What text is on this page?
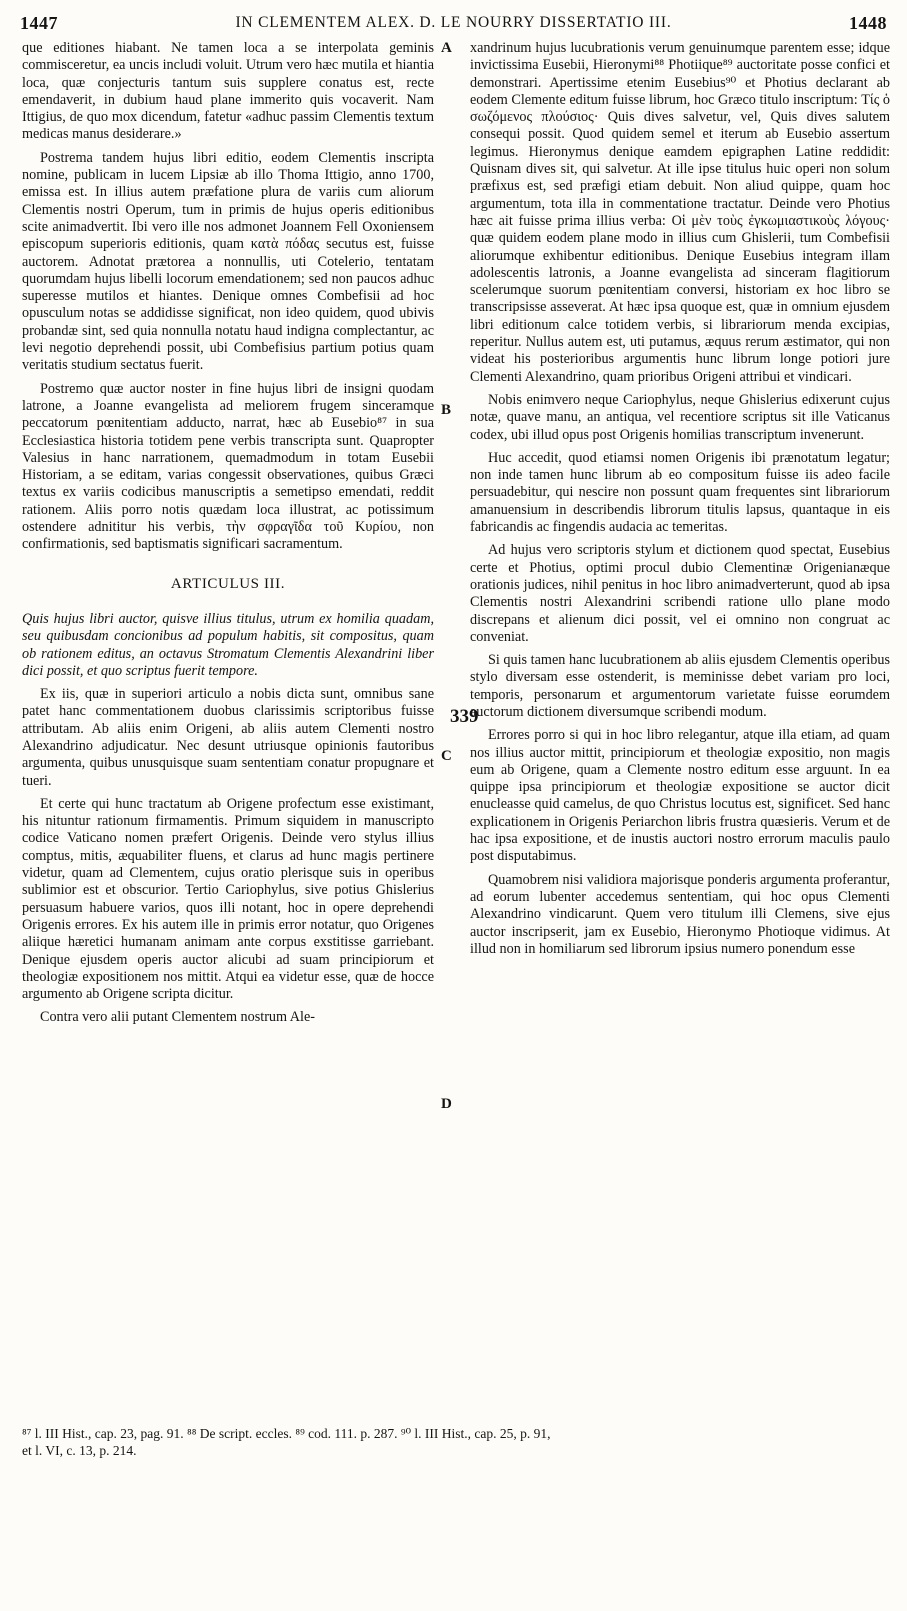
1447	IN CLEMENTEM ALEX. D. LE NOURRY DISSERTATIO III.	1448

que editiones hiabant. Ne tamen loca a se interpolata geminis commisceretur, ea uncis includi voluit. Utrum vero hæc mutila et hiantia loca, quæ conjecturis tantum suis supplere conatus est, recte emendaverit, in dubium haud plane immerito quis vocaverit. Nam Ittigius, de quo mox dicendum, fatetur «adhuc passim Clementis textum medicas manus desiderare.»

Postrema tandem hujus libri editio, eodem Clementis inscripta nomine, publicam in lucem Lipsiæ ab illo Thoma Ittigio, anno 1700, emissa est. In illius autem præfatione plura de variis cum aliorum Clementis nostri Operum, tum in primis de hujus operis editionibus scite animadvertit. Ibi vero ille nos admonet Joannem Fell Oxoniensem episcopum superioris editionis, quam κατὰ πόδας secutus est, fuisse auctorem. Adnotat prætorea a nonnullis, uti Cotelerio, tentatam quorumdam hujus libelli locorum emendationem; sed non paucos adhuc superesse mutilos et hiantes. Denique omnes Combefisii ad hoc opusculum notas se addidisse significat, non ideo quidem, quod ubivis probandæ sint, sed quia nonnulla notatu haud indigna complectantur, ac levi negotio deprehendi possit, ubi Combefisius partium potius quam veritatis studium sectatus fuerit.

Postremo quæ auctor noster in fine hujus libri de insigni quodam latrone, a Joanne evangelista ad meliorem frugem sinceramque peccatorum pœnitentiam adducto, narrat, hæc ab Eusebio⁸⁷ in sua Ecclesiastica historia totidem pene verbis transcripta sunt. Quapropter Valesius in hanc narrationem, quemadmodum in totam Eusebii Historiam, a se editam, varias congessit observationes, quibus Græci textus ex variis codicibus manuscriptis a semetipso emendati, reddit rationem. Aliis porro notis quædam loca illustrat, ac potissimum ostendere adnititur his verbis, τὴν σφραγῖδα τοῦ Κυρίου, non confirmationis, sed baptismatis significari sacramentum.

ARTICULUS III.

Quis hujus libri auctor, quisve illius titulus, utrum ex homilia quadam, seu quibusdam concionibus ad populum habitis, sit compositus, quam ob rationem editus, an octavus Stromatum Clementis Alexandrini liber dici possit, et quo scriptus fuerit tempore.

Ex iis, quæ in superiori articulo a nobis dicta sunt, omnibus sane patet hanc commentationem duobus clarissimis scriptoribus fuisse attributam. Ab aliis enim Origeni, ab aliis autem Clementi nostro Alexandrino adjudicatur. Nec desunt utriusque opinionis fautoribus argumenta, quibus unusquisque suam sententiam conatur propugnare et tueri.

Et certe qui hunc tractatum ab Origene profectum esse existimant, his nituntur rationum firmamentis. Primum siquidem in manuscripto codice Vaticano nomen præfert Origenis. Deinde vero stylus illius comptus, mitis, æquabiliter fluens, et clarus ad hunc magis pertinere videtur, quam ad Clementem, cujus oratio plerisque suis in operibus sublimior est et obscurior. Tertio Cariophylus, sive potius Ghislerius persuasum habuere varios, quos illi notant, hoc in opere deprehendi Origenis errores. Ex his autem ille in primis error notatur, quo Origenes aliique hæretici humanam animam ante corpus exstitisse garriebant. Denique ejusdem operis auctor alicubi ad suam principiorum et theologiæ expositionem nos mittit. Atqui ea videtur esse, quæ de hocce argumento ab Origene scripta dicitur.

Contra vero alii putant Clementem nostrum Ale-

xandrinum hujus lucubrationis verum genuinumque parentem esse; idque invictissima Eusebii, Hieronymi⁸⁸ Photiique⁸⁹ auctoritate posse confici et demonstrari. Apertissime etenim Eusebius⁹⁰ et Photius declarant ab eodem Clemente editum fuisse librum, hoc Græco titulo inscriptum: Τίς ὁ σωζόμενος πλούσιος· Quis dives salvetur, vel, Quis dives salutem consequi possit. Quod quidem semel et iterum ab Eusebio assertum legimus. Hieronymus denique eamdem epigraphen Latine reddidit: Quisnam dives sit, qui salvetur. At ille ipse titulus huic operi non solum præfixus est, sed præfigi etiam debuit. Non aliud quippe, quam hoc argumentum, tota illa in commentatione tractatur. Deinde vero Photius hæc ait fuisse prima illius verba: Οἱ μὲν τοὺς ἐγκωμιαστικοὺς λόγους· quæ quidem eodem plane modo in illius cum Ghislerii, tum Combefisii aliorumque exhibentur editionibus. Denique Eusebius integram illam adolescentis latronis, a Joanne evangelista ad sinceram flagitiorum scelerumque suorum pœnitentiam conversi, historiam ex hoc libro se transcripsisse asseverat. At hæc ipsa quoque est, quæ in omnium ejusdem libri editionum calce totidem verbis, si librariorum menda excipias, reperitur. Nullus autem est, uti putamus, æquus rerum æstimator, qui non videat his posterioribus argumentis hunc librum longe potiori jure Clementi Alexandrino, quam prioribus Origeni attribui et vindicari.

Nobis enimvero neque Cariophylus, neque Ghislerius edixerunt cujus notæ, quave manu, an antiqua, vel recentiore scriptus sit ille Vaticanus codex, ubi illud opus post Origenis homilias transcriptum invenerunt.

Huc accedit, quod etiamsi nomen Origenis ibi prænotatum legatur; non inde tamen hunc librum ab eo compositum fuisse iis adeo facile persuadebitur, qui nescire non possunt quam frequentes sint librariorum amanuensium in describendis librorum titulis lapsus, quantaque in eis fabricandis ac fingendis audacia ac temeritas.

Ad hujus vero scriptoris stylum et dictionem quod spectat, Eusebius certe et Photius, optimi procul dubio Clementinæ Origenianæque orationis judices, nihil penitus in hoc libro animadverterunt, quod ab ipsa Clementis nostri Alexandrini scribendi ratione ullo plane modo discrepans et alienum dici possit, vel ei omnino non congruat ac conveniat.

Si quis tamen hanc lucubrationem ab aliis ejusdem Clementis operibus stylo diversam esse ostenderit, is meminisse debet variam pro loci, temporis, personarum et argumentorum varietate fuisse eorumdem auctorum dictionem diversumque scribendi modum.

Errores porro si qui in hoc libro relegantur, atque illa etiam, ad quam nos illius auctor mittit, principiorum et theologiæ expositio, non magis eum ab Origene, quam a Clemente nostro editum esse arguunt. In ea quippe ipsa principiorum et theologiæ expositione se auctor dicit enucleasse quid camelus, de quo Christus locutus est, significet. Sed hanc explicationem in Origenis Periarchon libris frustra quæsieris. Verum et de hac ipsa expositione, et de inustis auctori nostro errorum maculis paulo post disputabimus.

Quamobrem nisi validiora majorisque ponderis argumenta proferantur, ad eorum lubenter accedemus sententiam, qui hoc opus Clementi Alexandrino vindicarunt. Quem vero titulum illi Clemens, sive ejus auctor inscripserit, jam ex Eusebio, Hieronymo Photioque vidimus. At illud non in homiliarum sed librorum ipsius numero ponendum esse

A
B
C
D
339
⁸⁷ l. III Hist., cap. 23, pag. 91. ⁸⁸ De script. eccles. ⁸⁹ cod. 111. p. 287. ⁹⁰ l. III Hist., cap. 25, p. 91,
et l. VI, c. 13, p. 214.
